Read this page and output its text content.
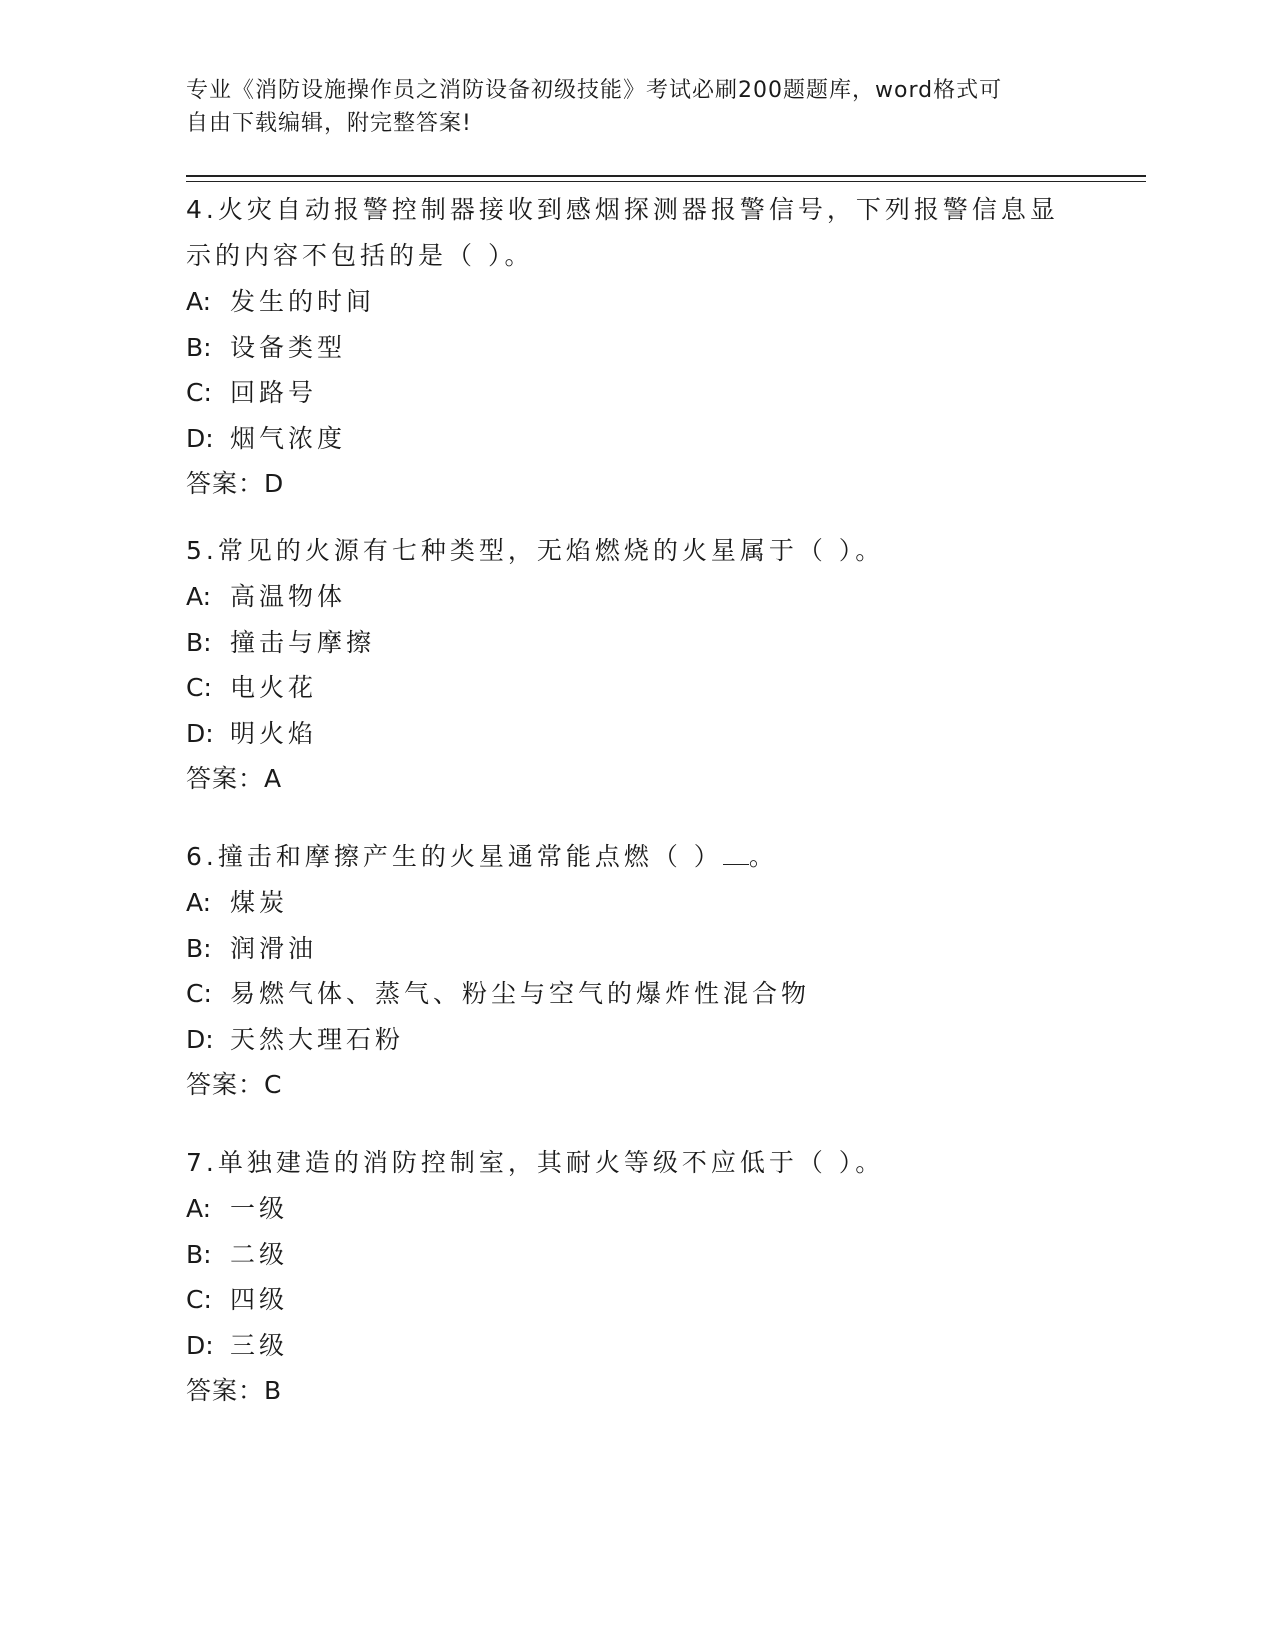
专业《消防设施操作员之消防设备初级技能》考试必刷200题题库，word格式可
自由下载编辑，附完整答案!

4.火灾自动报警控制器接收到感烟探测器报警信号，下列报警信息显

示的内容不包括的是（ ）。

A: 发生的时间

B: 设备类型

C: 回路号

D: 烟气浓度

答案：D

5.常见的火源有七种类型，无焰燃烧的火星属于（ ）。

A: 高温物体

B: 撞击与摩擦

C: 电火花

D: 明火焰

答案：A

6.撞击和摩擦产生的火星通常能点燃（ ） 。

A: 煤炭

B: 润滑油

C: 易燃气体、蒸气、粉尘与空气的爆炸性混合物

D: 天然大理石粉

答案：C

7.单独建造的消防控制室，其耐火等级不应低于（ ）。

A: 一级

B: 二级

C: 四级

D: 三级

答案：B
